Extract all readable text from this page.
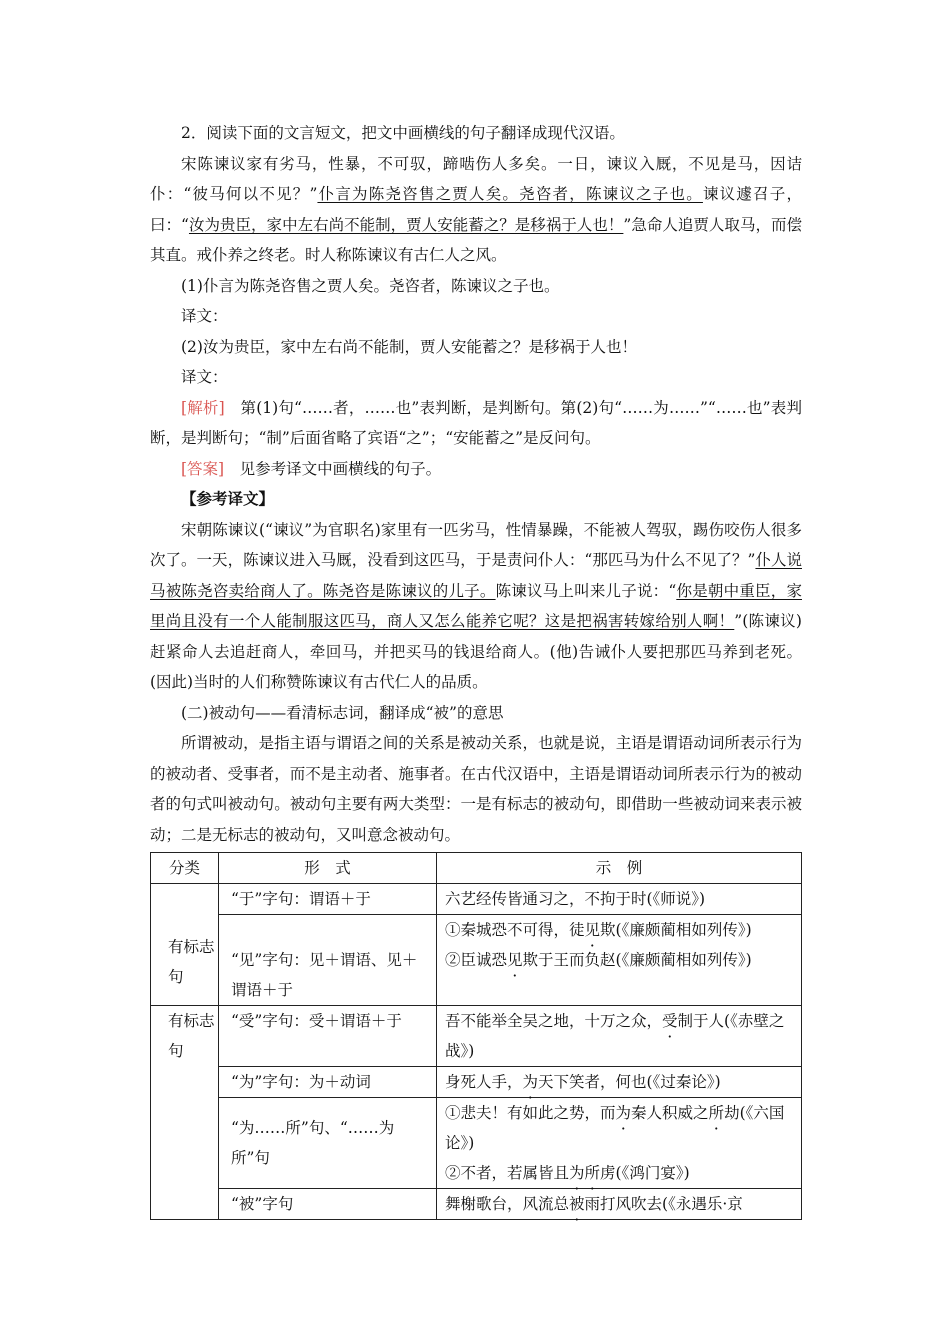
2．阅读下面的文言短文，把文中画横线的句子翻译成现代汉语。

宋陈谏议家有劣马，性暴，不可驭，蹄啮伤人多矣。一日，谏议入厩，不见是马，因诘仆：“彼马何以不见？”仆言为陈尧咨售之贾人矣。尧咨者，陈谏议之子也。谏议遽召子，曰：“汝为贵臣，家中左右尚不能制，贾人安能蓄之？是移祸于人也！”急命人追贾人取马，而偿其直。戒仆养之终老。时人称陈谏议有古仁人之风。

(1)仆言为陈尧咨售之贾人矣。尧咨者，陈谏议之子也。

译文：

(2)汝为贵臣，家中左右尚不能制，贾人安能蓄之？是移祸于人也！

译文：

[解析]　第(1)句“……者，……也”表判断，是判断句。第(2)句“……为……”“……也”表判断，是判断句；“制”后面省略了宾语“之”；“安能蓄之”是反问句。

[答案]　见参考译文中画横线的句子。

【参考译文】

宋朝陈谏议(“谏议”为官职名)家里有一匹劣马，性情暴躁，不能被人驾驭，踢伤咬伤人很多次了。一天，陈谏议进入马厩，没看到这匹马，于是责问仆人：“那匹马为什么不见了？”仆人说马被陈尧咨卖给商人了。陈尧咨是陈谏议的儿子。陈谏议马上叫来儿子说：“你是朝中重臣，家里尚且没有一个人能制服这匹马，商人又怎么能养它呢？这是把祸害转嫁给别人啊！”(陈谏议)赶紧命人去追赶商人，牵回马，并把买马的钱退给商人。(他)告诫仆人要把那匹马养到老死。(因此)当时的人们称赞陈谏议有古代仁人的品质。

(二)被动句——看清标志词，翻译成“被”的意思

所谓被动，是指主语与谓语之间的关系是被动关系，也就是说，主语是谓语动词所表示行为的被动者、受事者，而不是主动者、施事者。在古代汉语中，主语是谓语动词所表示行为的被动者的句式叫被动句。被动句主要有两大类型：一是有标志的被动句，即借助一些被动词来表示被动；二是无标志的被动句，又叫意念被动句。

分类	形　式	示　例
有标志句	“于”字句：谓语＋于	六艺经传皆通习之，不拘于时(《师说》)
	“见”字句：见＋谓语、见＋谓语＋于	①秦城恐不可得，徒见欺(《廉颇蔺相如列传》)
②臣诚恐见欺于王而负赵(《廉颇蔺相如列传》)

有标志句	“受”字句：受＋谓语＋于	吾不能举全吴之地，十万之众，受制于人(《赤壁之战》)
	“为”字句：为＋动词	身死人手，为天下笑者，何也(《过秦论》)
	“为……所”句、“……为所”句	①悲夫！有如此之势，而为秦人积威之所劫(《六国论》)
②不者，若属皆且为所虏(《鸿门宴》)

	“被”字句	舞榭歌台，风流总被雨打风吹去(《永遇乐·京
